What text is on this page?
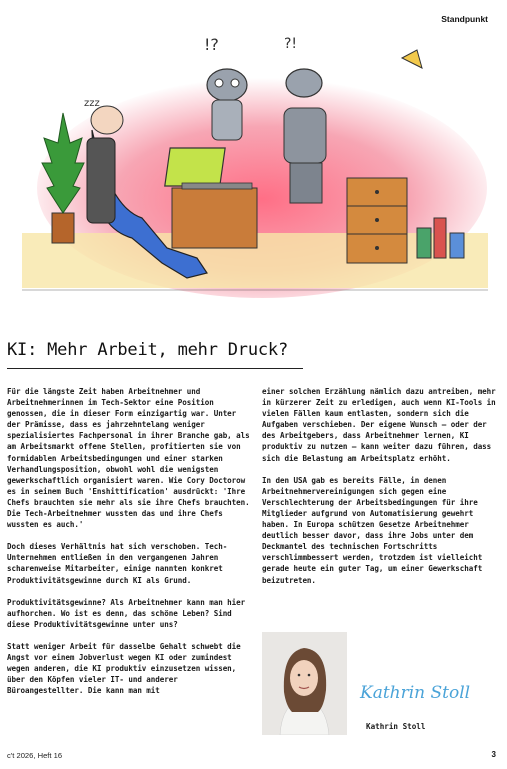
Standpunkt
zzz
!?	?!
KI: Mehr Arbeit, mehr Druck?

Für die längste Zeit haben Arbeitnehmer und Arbeitnehmerinnen im Tech-Sektor eine Position genossen, die in dieser Form einzigartig war. Unter der Prämisse, dass es jahrzehntelang weniger spezialisiertes Fachpersonal in ihrer Branche gab, als am Arbeitsmarkt offene Stellen, profitierten sie von formidablen Arbeitsbedingungen und einer starken Verhandlungsposition, obwohl wohl die wenigsten gewerkschaftlich organisiert waren. Wie Cory Doctorow es in seinem Buch 'Enshittification' ausdrückt: 'Ihre Chefs brauchten sie mehr als sie ihre Chefs brauchten. Die Tech-Arbeitnehmer wussten das und ihre Chefs wussten es auch.'

Doch dieses Verhältnis hat sich verschoben. Tech-Unternehmen entließen in den vergangenen Jahren scharenweise Mitarbeiter, einige nannten konkret Produktivitätsgewinne durch KI als Grund.

Produktivitätsgewinne? Als Arbeitnehmer kann man hier aufhorchen. Wo ist es denn, das schöne Leben? Sind diese Produktivitätsgewinne unter uns?

Statt weniger Arbeit für dasselbe Gehalt schwebt die Angst vor einem Jobverlust wegen KI oder zumindest wegen anderen, die KI produktiv einzusetzen wissen, über den Köpfen vieler IT- und anderer Büroangestellter. Die kann man mit

einer solchen Erzählung nämlich dazu antreiben, mehr in kürzerer Zeit zu erledigen, auch wenn KI-Tools in vielen Fällen kaum entlasten, sondern sich die Aufgaben verschieben. Der eigene Wunsch – oder der des Arbeitgebers, dass Arbeitnehmer lernen, KI produktiv zu nutzen – kann weiter dazu führen, dass sich die Belastung am Arbeitsplatz erhöht.

In den USA gab es bereits Fälle, in denen Arbeitnehmervereinigungen sich gegen eine Verschlechterung der Arbeitsbedingungen für ihre Mitglieder aufgrund von Automatisierung gewehrt haben. In Europa schützen Gesetze Arbeitnehmer deutlich besser davor, dass ihre Jobs unter dem Deckmantel des technischen Fortschritts verschlimmbessert werden, trotzdem ist vielleicht gerade heute ein guter Tag, um einer Gewerkschaft beizutreten.

Kathrin Stoll
Kathrin Stoll
c't 2026, Heft 16	3
